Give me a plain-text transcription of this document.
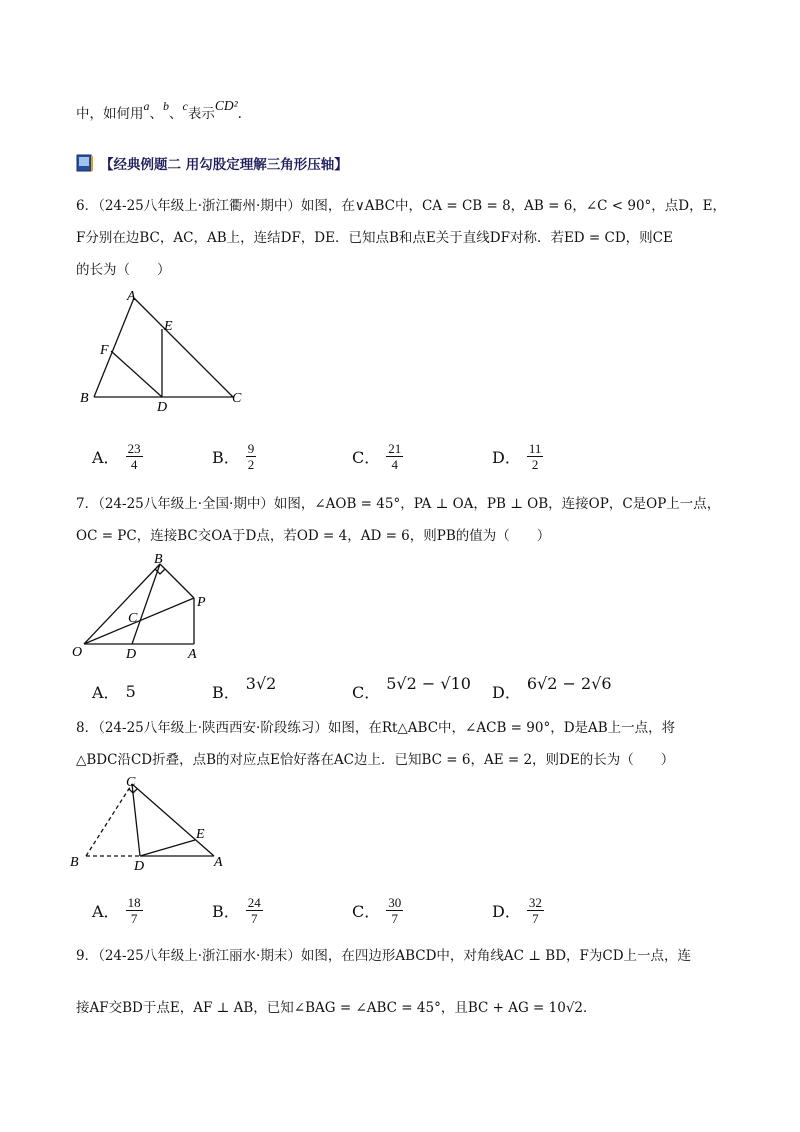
中，如何用a、b、c表示CD².
【经典例题二 用勾股定理解三角形压轴】
6．（24-25八年级上·浙江衢州·期中）如图，在∨ABC中，CA = CB = 8，AB = 6，∠C < 90°，点D，E，
F分别在边BC，AC，AB上，连结DF，DE．已知点B和点E关于直线DF对称．若ED = CD，则CE
的长为（　　）
A
B	C
D
E
F
A． $\frac{23}{4}$	B． $\frac{9}{2}$	C． $\frac{21}{4}$	D． $\frac{11}{2}$
7．（24-25八年级上·全国·期中）如图，∠AOB = 45°，PA ⊥ OA，PB ⊥ OB，连接OP，C是OP上一点，
OC = PC，连接BC交OA于D点，若OD = 4，AD = 6，则PB的值为（　　）
O	D	A
B
P
C
A． 5	B． 3√2	C． 5√2 − √10 D． 6√2 − 2√6
8．（24-25八年级上·陕西西安·阶段练习）如图，在Rt△ABC中，∠ACB = 90°，D是AB上一点，将
△BDC沿CD折叠，点B的对应点E恰好落在AC边上．已知BC = 6，AE = 2，则DE的长为（　　）
C
B	D	A
E
A． $\frac{18}{7}$	B． $\frac{24}{7}$	C． $\frac{30}{7}$	D． $\frac{32}{7}$
9．（24-25八年级上·浙江丽水·期末）如图，在四边形ABCD中，对角线AC ⊥ BD，F为CD上一点，连
接AF交BD于点E，AF ⊥ AB，已知∠BAG = ∠ABC = 45°，且BC + AG = 10√2．
